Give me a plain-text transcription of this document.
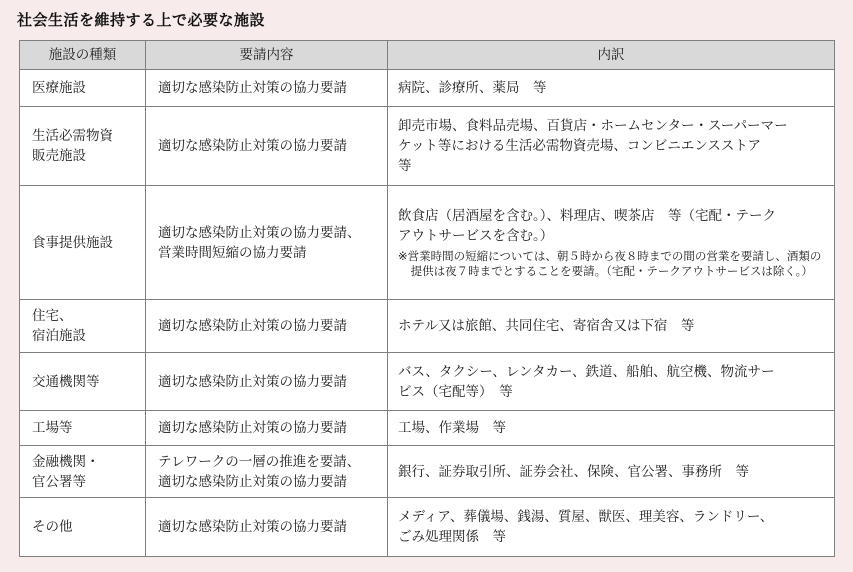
社会生活を維持する上で必要な施設
施設の種類	要請内容	内訳

医療施設	適切な感染防止対策の協力要請	病院、診療所、薬局　等

生活必需物資
販売施設	適切な感染防止対策の協力要請	卸売市場、食料品売場、百貨店・ホームセンター・スーパーマー
ケット等における生活必需物資売場、コンビニエンスストア
等

食事提供施設	適切な感染防止対策の協力要請、
営業時間短縮の協力要請	飲食店（居酒屋を含む。）、料理店、喫茶店　等（宅配・テーク
アウトサービスを含む。）
※営業時間の短縮については、朝５時から夜８時までの間の営業を要請し、酒類の提供は夜７時までとすることを要請。（宅配・テークアウトサービスは除く。）

住宅、
宿泊施設	適切な感染防止対策の協力要請	ホテル又は旅館、共同住宅、寄宿舎又は下宿　等

交通機関等	適切な感染防止対策の協力要請	バス、タクシー、レンタカー、鉄道、船舶、航空機、物流サー
ビス（宅配等）　等

工場等	適切な感染防止対策の協力要請	工場、作業場　等

金融機関・
官公署等	テレワークの一層の推進を要請、
適切な感染防止対策の協力要請	銀行、証券取引所、証券会社、保険、官公署、事務所　等

その他	適切な感染防止対策の協力要請	メディア、葬儀場、銭湯、質屋、獣医、理美容、ランドリー、
ごみ処理関係　等
